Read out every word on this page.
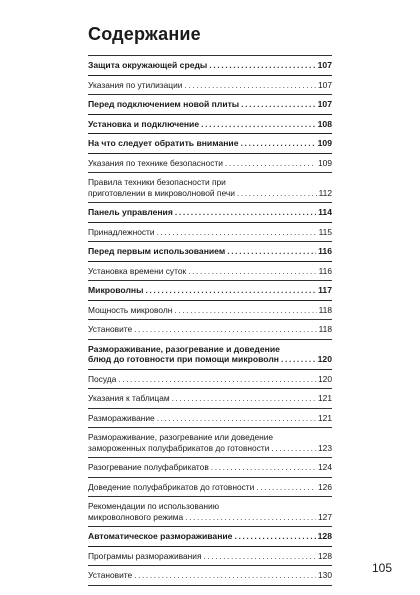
Содержание
Защита окружающей среды .....	107
Указания по утилизации .....	107
Перед подключением новой плиты .....	107
Установка и подключение .....	108
На что следует обратить внимание .....	109
Указания по технике безопасности .....	109
Правила техники безопасности при
приготовлении в микроволновой печи .....	112
Панель управления .....	114
Принадлежности .....	115
Перед первым использованием .....	116
Установка времени суток .....	116
Микроволны .....	117
Мощность микроволн .....	118
Установите .....	118
Размораживание, разогревание и доведение
блюд до готовности при помощи микроволн .....	120
Посуда .....	120
Указания к таблицам .....	121
Размораживание .....	121
Размораживание, разогревание или доведение
замороженных полуфабрикатов до готовности .....	123
Разогревание полуфабрикатов .....	124
Доведение полуфабрикатов до готовности .....	126
Рекомендации по использованию
микроволнового режима .....	127
Автоматическое размораживание .....	128
Программы размораживания .....	128
Установите .....	130	105
